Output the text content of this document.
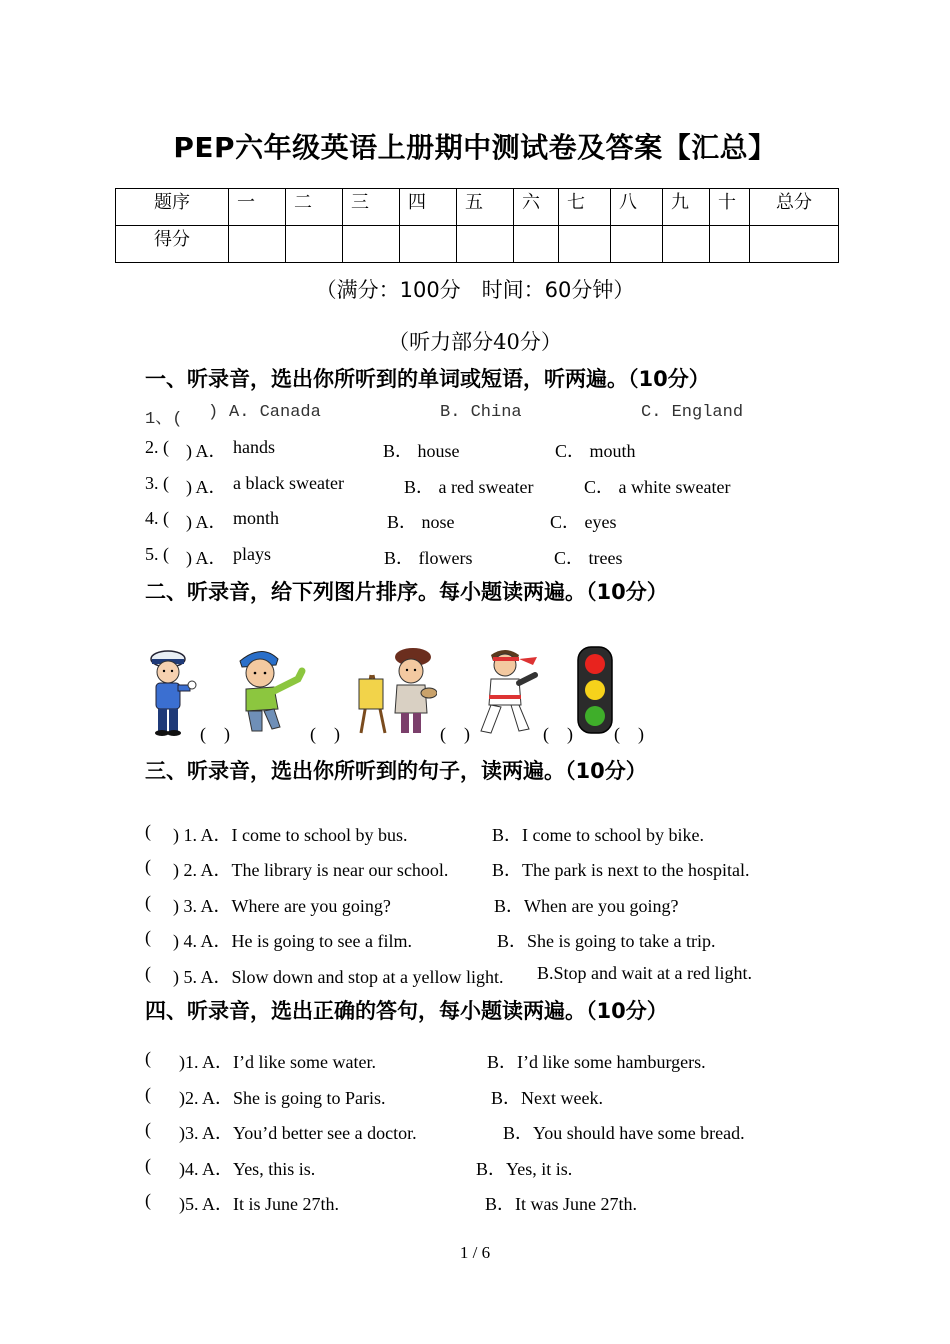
PEP六年级英语上册期中测试卷及答案【汇总】
题序	一	二	三	四	五	六	七	八	九	十	总分
得分											
（满分：100分　时间：60分钟）
（听力部分40分）
一、听录音，选出你所听到的单词或短语，听两遍。（10分）
1、( ) A. Canada	B. China	C. England
2. ( ) A． hands	B． house	C． mouth
3. ( ) A． a black sweater	B． a red sweater	C． a white sweater
4. ( ) A． month	B． nose	C． eyes
5. ( ) A． plays	B． flowers	C． trees
二、听录音，给下列图片排序。每小题读两遍。（10分）
(　)	(　)	(　)	(　) (　)
三、听录音，选出你所听到的句子，读两遍。（10分）
( ) 1. A．I come to school by bus.	B．I come to school by bike.
( ) 2. A．The library is near our school. B．The park is next to the hospital.
( ) 3. A．Where are you going?	B．When are you going?
( ) 4. A．He is going to see a film.	B．She is going to take a trip.
( ) 5. A．Slow down and stop at a yellow light. B.Stop and wait at a red light.
四、听录音，选出正确的答句，每小题读两遍。（10分）
( )1. A．I’d like some water.	B．I’d like some hamburgers.
( )2. A．She is going to Paris.	B．Next week.
( )3. A．You’d better see a doctor.	B．You should have some bread.
( )4. A．Yes, this is.	B．Yes, it is.
( )5. A．It is June 27th.	B．It was June 27th.
1 / 6
